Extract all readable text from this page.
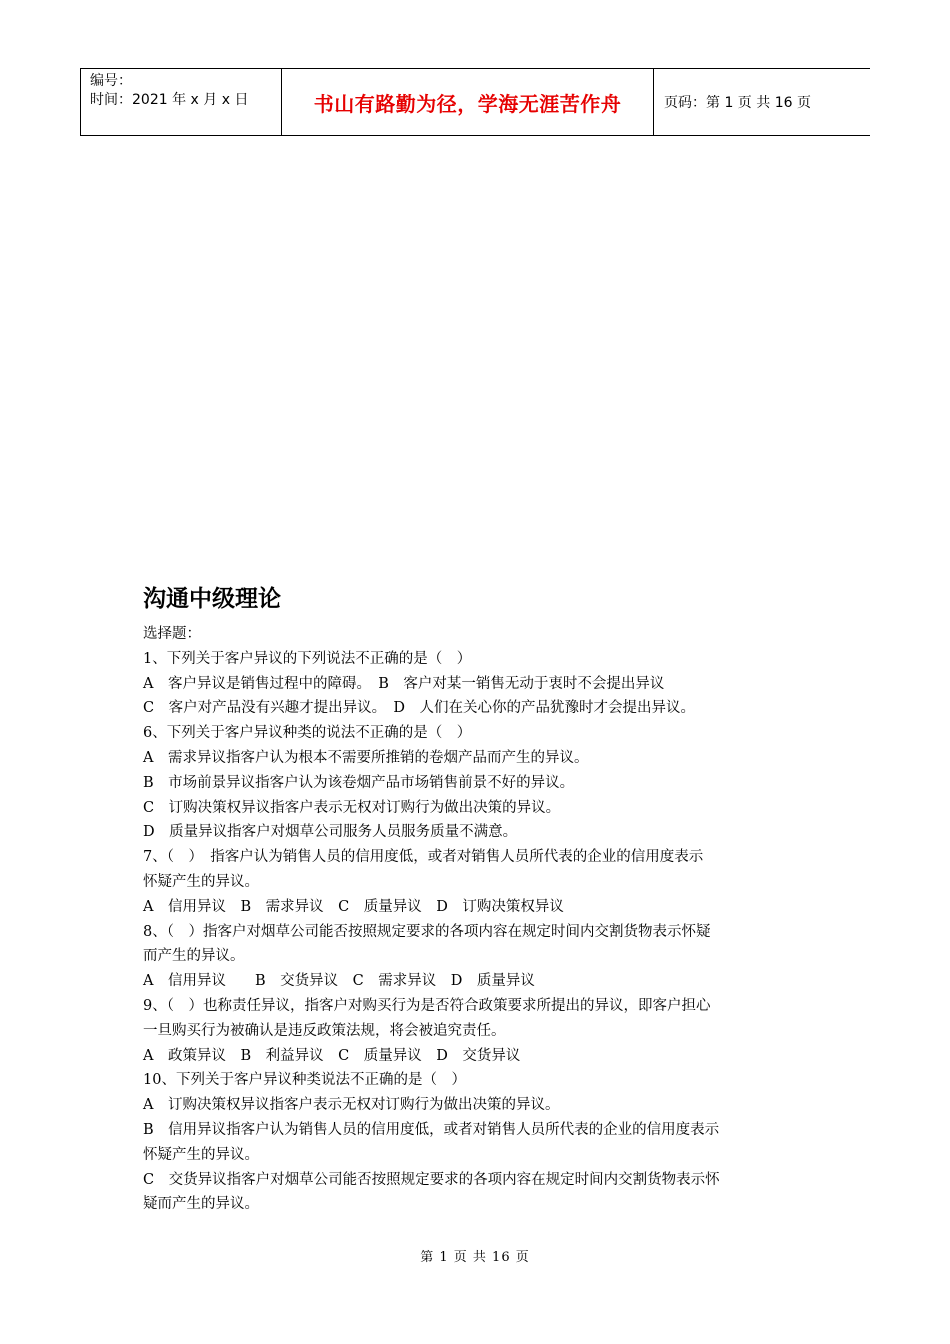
编号：
时间：2021 年 x 月 x 日	书山有路勤为径，学海无涯苦作舟	页码：第 1 页 共 16 页
沟通中级理论

选择题：

1、下列关于客户异议的下列说法不正确的是（　）

A　客户异议是销售过程中的障碍。　B　客户对某一销售无动于衷时不会提出异议

C　客户对产品没有兴趣才提出异议。　D　人们在关心你的产品犹豫时才会提出异议。

6、下列关于客户异议种类的说法不正确的是（　）

A　需求异议指客户认为根本不需要所推销的卷烟产品而产生的异议。

B　市场前景异议指客户认为该卷烟产品市场销售前景不好的异议。

C　订购决策权异议指客户表示无权对订购行为做出决策的异议。

D　质量异议指客户对烟草公司服务人员服务质量不满意。

7、（　）　指客户认为销售人员的信用度低，或者对销售人员所代表的企业的信用度表示

怀疑产生的异议。

A　信用异议　B　需求异议　C　质量异议　D　订购决策权异议

8、（　）指客户对烟草公司能否按照规定要求的各项内容在规定时间内交割货物表示怀疑

而产生的异议。

A　信用异议　　B　交货异议　C　需求异议　D　质量异议

9、（　）也称责任异议，指客户对购买行为是否符合政策要求所提出的异议，即客户担心

一旦购买行为被确认是违反政策法规，将会被追究责任。

A　政策异议　B　利益异议　C　质量异议　D　交货异议

10、下列关于客户异议种类说法不正确的是（　）

A　订购决策权异议指客户表示无权对订购行为做出决策的异议。

B　信用异议指客户认为销售人员的信用度低，或者对销售人员所代表的企业的信用度表示

怀疑产生的异议。

C　交货异议指客户对烟草公司能否按照规定要求的各项内容在规定时间内交割货物表示怀

疑而产生的异议。

第 1 页 共 16 页
